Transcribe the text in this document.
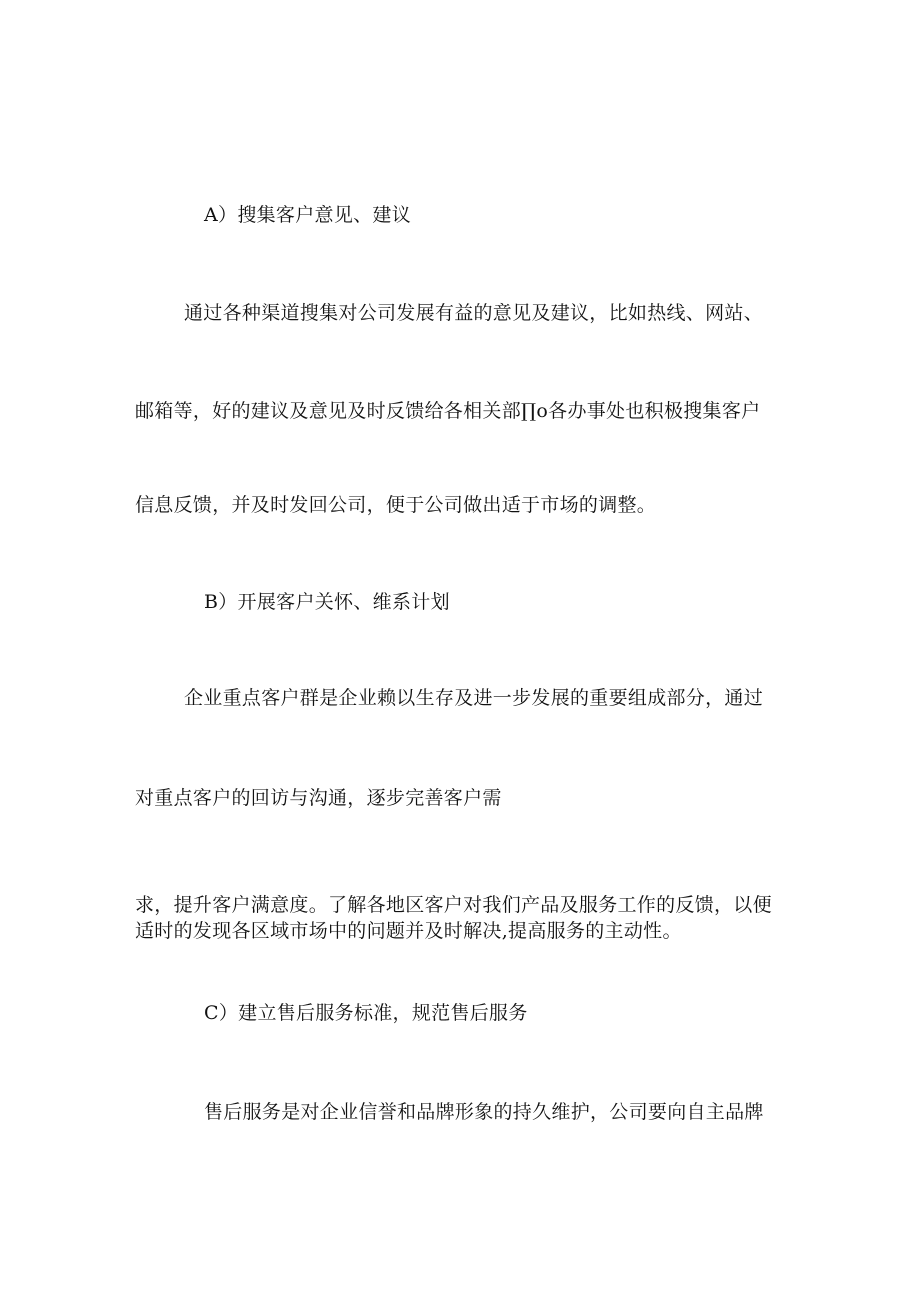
A）搜集客户意见、建议
通过各种渠道搜集对公司发展有益的意见及建议，比如热线、网站、
邮箱等，好的建议及意见及时反馈给各相关部∏o各办事处也积极搜集客户
信息反馈，并及时发回公司，便于公司做出适于市场的调整。
B）开展客户关怀、维系计划
企业重点客户群是企业赖以生存及进一步发展的重要组成部分，通过
对重点客户的回访与沟通，逐步完善客户需
求，提升客户满意度。了解各地区客户对我们产品及服务工作的反馈，以便
适时的发现各区域市场中的问题并及时解决,提高服务的主动性。
C）建立售后服务标准，规范售后服务
售后服务是对企业信誉和品牌形象的持久维护，公司要向自主品牌
